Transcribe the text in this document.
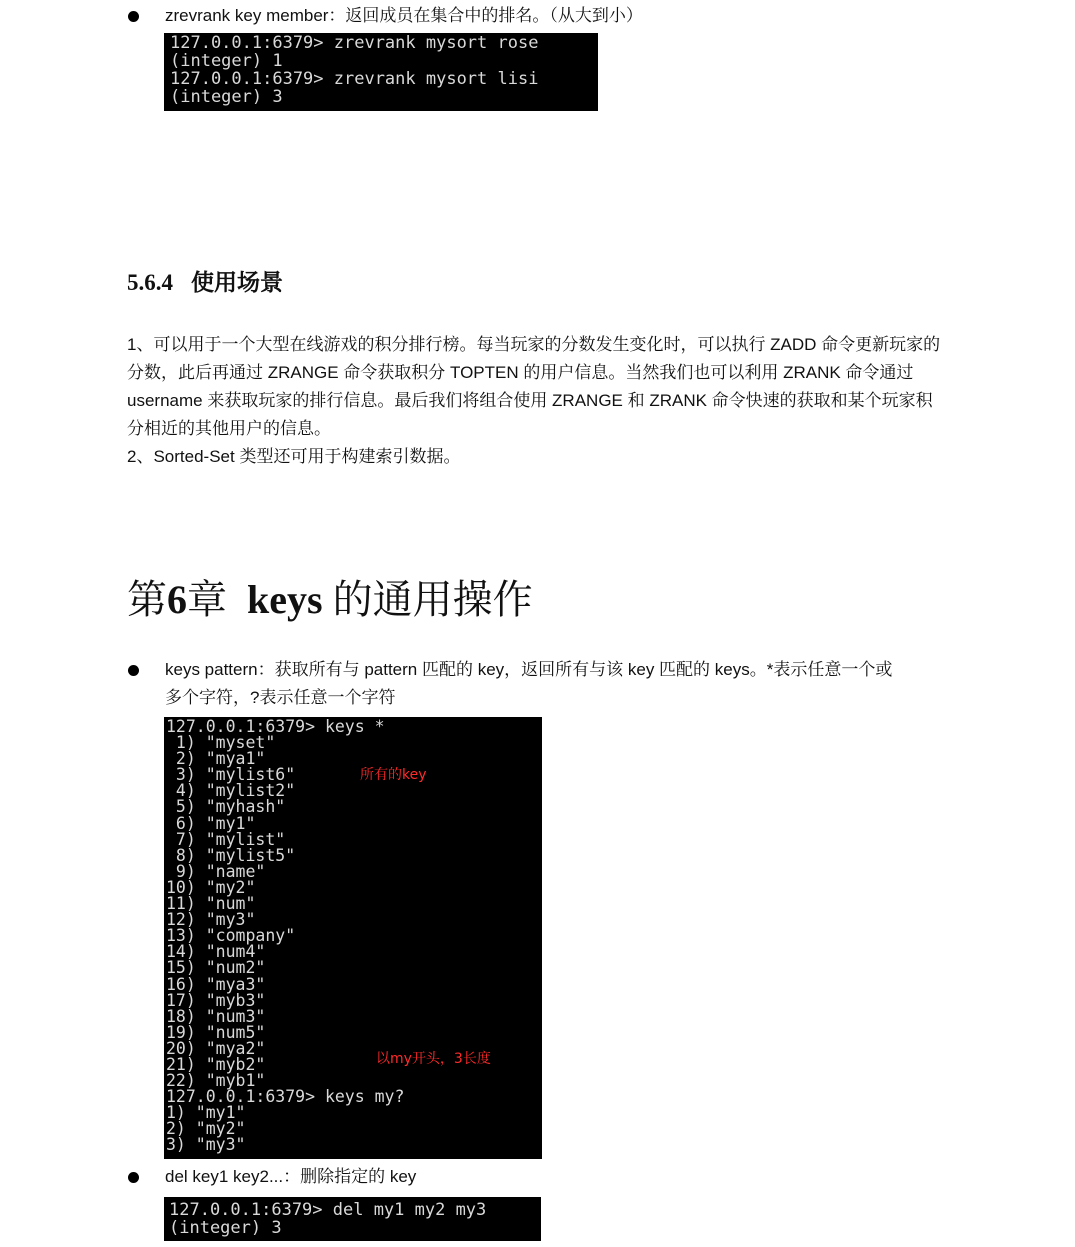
zrevrank key member：返回成员在集合中的排名。（从大到小）
127.0.0.1:6379> zrevrank mysort rose
(integer) 1
127.0.0.1:6379> zrevrank mysort lisi
(integer) 3
5.6.4 使用场景

1、可以用于一个大型在线游戏的积分排行榜。每当玩家的分数发生变化时，可以执行 ZADD 命令更新玩家的分数，此后再通过 ZRANGE 命令获取积分 TOPTEN 的用户信息。当然我们也可以利用 ZRANK 命令通过 username 来获取玩家的排行信息。最后我们将组合使用 ZRANGE 和 ZRANK 命令快速的获取和某个玩家积分相近的其他用户的信息。

2、Sorted-Set 类型还可用于构建索引数据。

第6章 keys 的通用操作
keys pattern：获取所有与 pattern 匹配的 key，返回所有与该 key 匹配的 keys。*表示任意一个或
多个字符，?表示任意一个字符
127.0.0.1:6379> keys *
1) "myset"
2) "mya1"
3) "mylist6"
4) "mylist2"
5) "myhash"
6) "my1"
7) "mylist"
8) "mylist5"
9) "name"
10) "my2"
11) "num"
12) "my3"
13) "company"
14) "num4"
15) "num2"
16) "mya3"
17) "myb3"
18) "num3"
19) "num5"
20) "mya2"
21) "myb2"
22) "myb1"
127.0.0.1:6379> keys my?
1) "my1"
2) "my2"
3) "my3"
所有的key
以my开头，3长度
del key1 key2...：删除指定的 key
127.0.0.1:6379> del my1 my2 my3
(integer) 3
